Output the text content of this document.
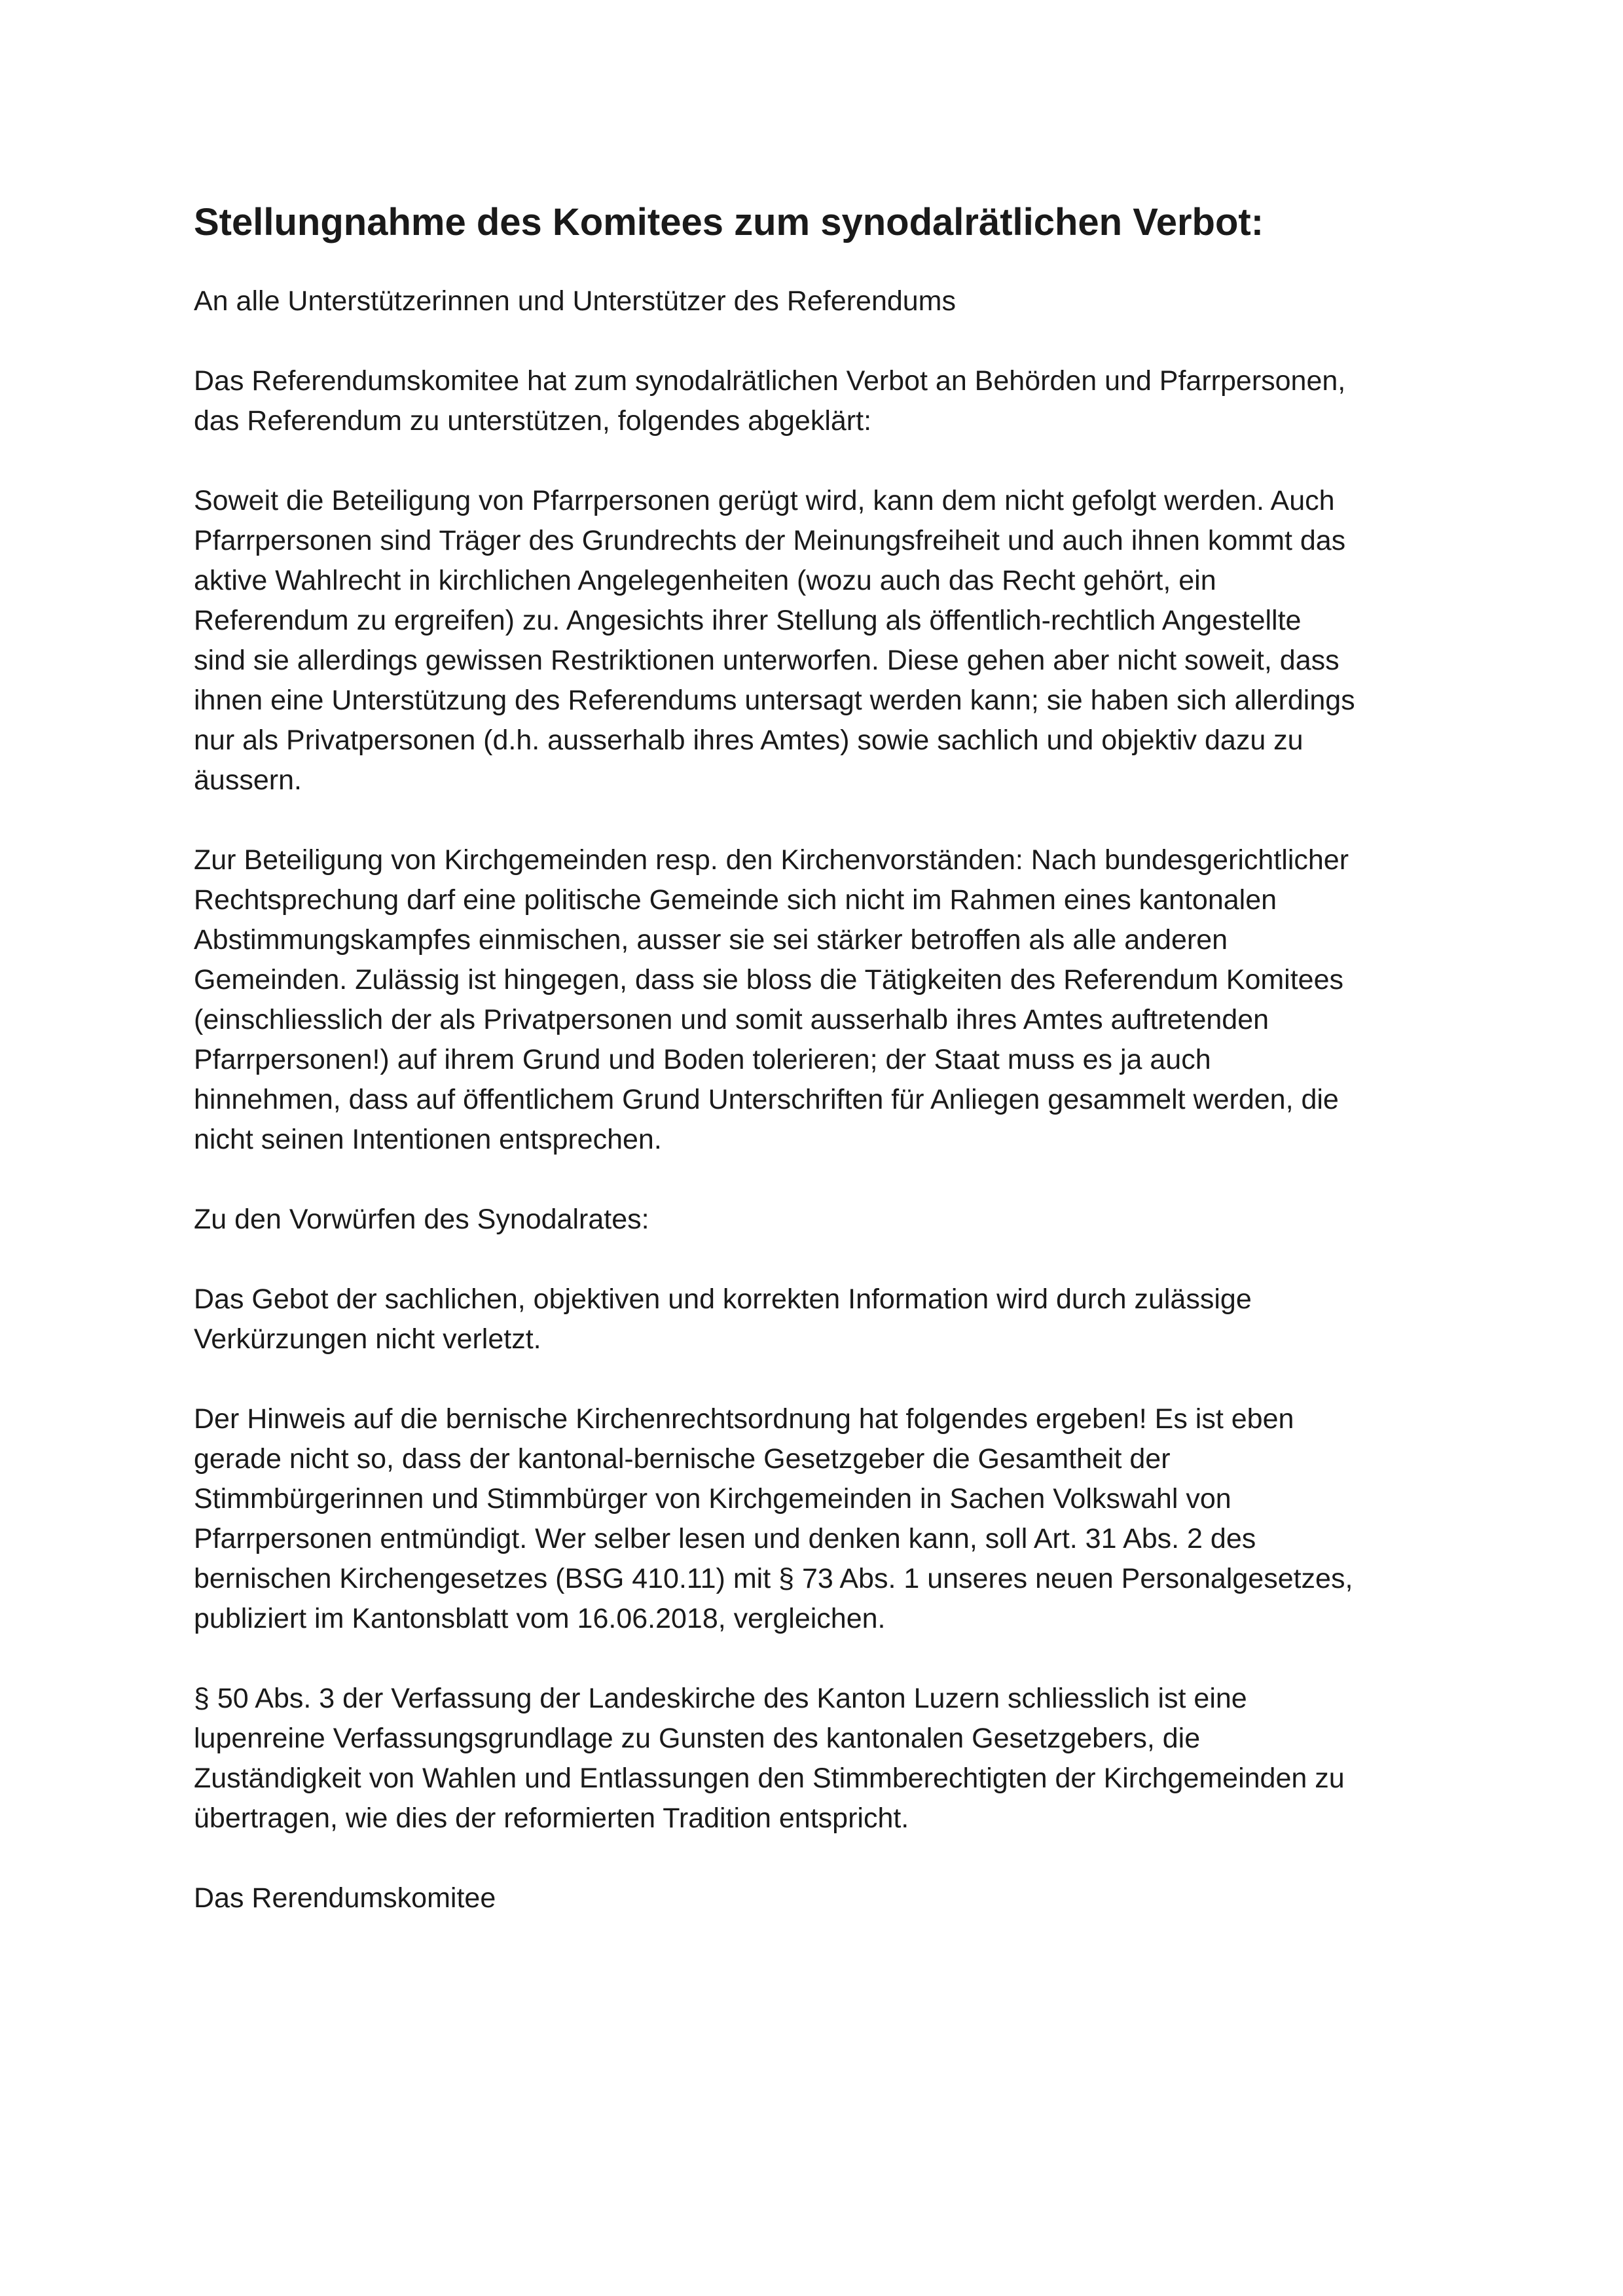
Stellungnahme des Komitees zum synodalrätlichen Verbot:

An alle Unterstützerinnen und Unterstützer des Referendums

Das Referendumskomitee hat zum synodalrätlichen Verbot an Behörden und Pfarrpersonen,
das Referendum zu unterstützen, folgendes abgeklärt:

Soweit die Beteiligung von Pfarrpersonen gerügt wird, kann dem nicht gefolgt werden. Auch
Pfarrpersonen sind Träger des Grundrechts der Meinungsfreiheit und auch ihnen kommt das
aktive Wahlrecht in kirchlichen Angelegenheiten (wozu auch das Recht gehört, ein
Referendum zu ergreifen) zu. Angesichts ihrer Stellung als öffentlich-rechtlich Angestellte
sind sie allerdings gewissen Restriktionen unterworfen. Diese gehen aber nicht soweit, dass
ihnen eine Unterstützung des Referendums untersagt werden kann; sie haben sich allerdings
nur als Privatpersonen (d.h. ausserhalb ihres Amtes) sowie sachlich und objektiv dazu zu
äussern.

Zur Beteiligung von Kirchgemeinden resp. den Kirchenvorständen: Nach bundesgerichtlicher
Rechtsprechung darf eine politische Gemeinde sich nicht im Rahmen eines kantonalen
Abstimmungskampfes einmischen, ausser sie sei stärker betroffen als alle anderen
Gemeinden. Zulässig ist hingegen, dass sie bloss die Tätigkeiten des Referendum Komitees
(einschliesslich der als Privatpersonen und somit ausserhalb ihres Amtes auftretenden
Pfarrpersonen!) auf ihrem Grund und Boden tolerieren; der Staat muss es ja auch
hinnehmen, dass auf öffentlichem Grund Unterschriften für Anliegen gesammelt werden, die
nicht seinen Intentionen entsprechen.

Zu den Vorwürfen des Synodalrates:

Das Gebot der sachlichen, objektiven und korrekten Information wird durch zulässige
Verkürzungen nicht verletzt.

Der Hinweis auf die bernische Kirchenrechtsordnung hat folgendes ergeben! Es ist eben
gerade nicht so, dass der kantonal-bernische Gesetzgeber die Gesamtheit der
Stimmbürgerinnen und Stimmbürger von Kirchgemeinden in Sachen Volkswahl von
Pfarrpersonen entmündigt. Wer selber lesen und denken kann, soll Art. 31 Abs. 2 des
bernischen Kirchengesetzes (BSG 410.11) mit § 73 Abs. 1 unseres neuen Personalgesetzes,
publiziert im Kantonsblatt vom 16.06.2018, vergleichen.

§ 50 Abs. 3 der Verfassung der Landeskirche des Kanton Luzern schliesslich ist eine
lupenreine Verfassungsgrundlage zu Gunsten des kantonalen Gesetzgebers, die
Zuständigkeit von Wahlen und Entlassungen den Stimmberechtigten der Kirchgemeinden zu
übertragen, wie dies der reformierten Tradition entspricht.

Das Rerendumskomitee
